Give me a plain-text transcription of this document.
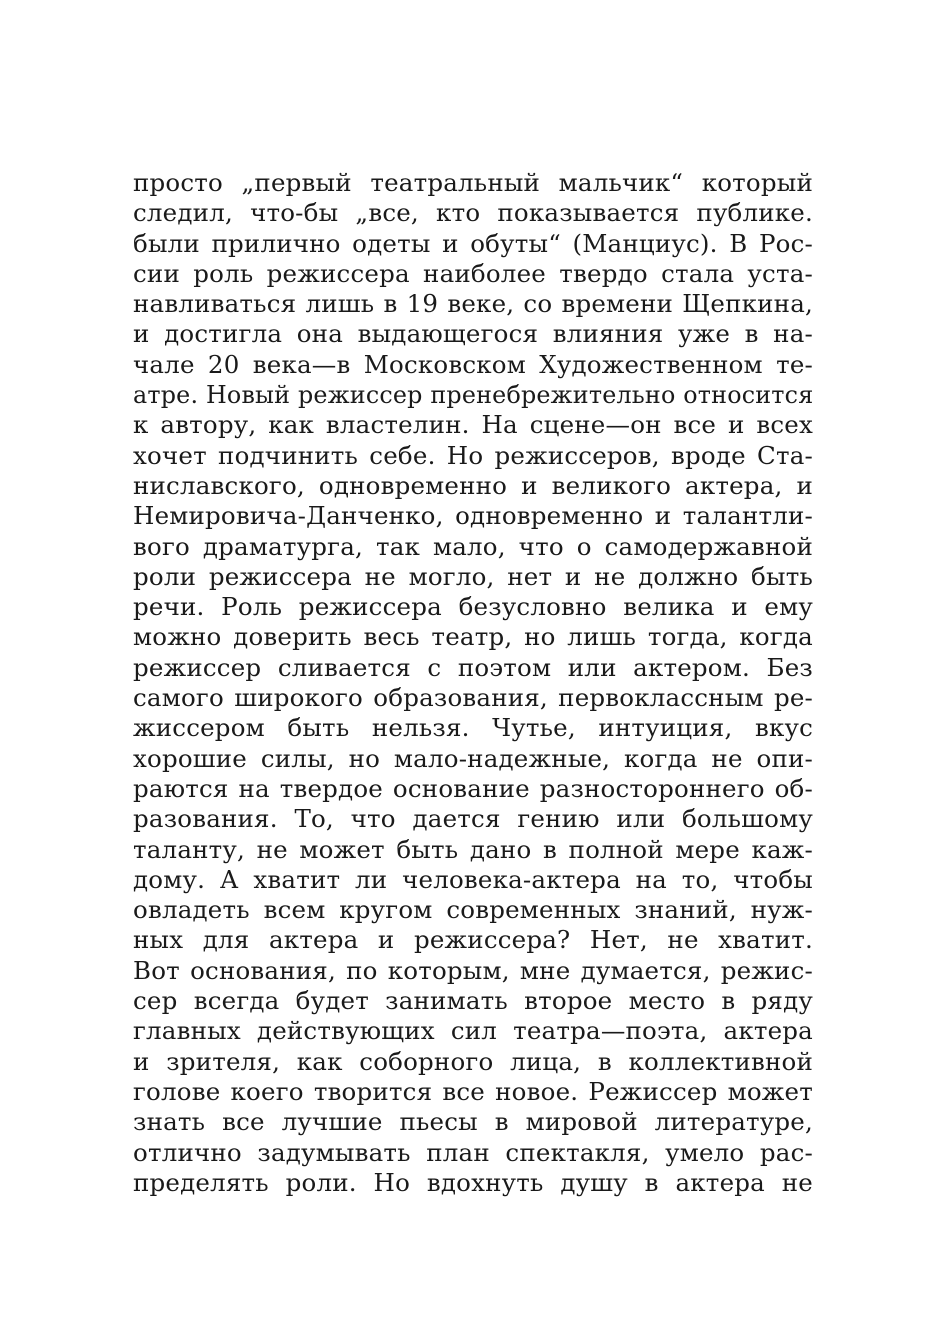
просто „первый театральный мальчик“ который
следил, что-бы „все, кто показывается публике.
были прилично одеты и обуты“ (Манциус). В Рос-
сии роль режиссера наиболее твердо стала уста-
навливаться лишь в 19 веке, со времени Щепкина,
и достигла она выдающегося влияния уже в на-
чале 20 века—в Московском Художественном те-
атре. Новый режиссер пренебрежительно относится
к автору, как властелин. На сцене—он все и всех
хочет подчинить себе. Но режиссеров, вроде Ста-
ниславского, одновременно и великого актера, и
Немировича-Данченко, одновременно и талантли-
вого драматурга, так мало, что о самодержавной
роли режиссера не могло, нет и не должно быть
речи. Роль режиссера безусловно велика и ему
можно доверить весь театр, но лишь тогда, когда
режиссер сливается с поэтом или актером. Без
самого широкого образования, первоклассным ре-
жиссером быть нельзя. Чутье, интуиция, вкус
хорошие силы, но мало-надежные, когда не опи-
раются на твердое основание разностороннего об-
разования. То, что дается гению или большому
таланту, не может быть дано в полной мере каж-
дому. А хватит ли человека-актера на то, чтобы
овладеть всем кругом современных знаний, нуж-
ных для актера и режиссера? Нет, не хватит.
Вот основания, по которым, мне думается, режис-
сер всегда будет занимать второе место в ряду
главных действующих сил театра—поэта, актера
и зрителя, как соборного лица, в коллективной
голове коего творится все новое. Режиссер может
знать все лучшие пьесы в мировой литературе,
отлично задумывать план спектакля, умело рас-
пределять роли. Но вдохнуть душу в актера не
